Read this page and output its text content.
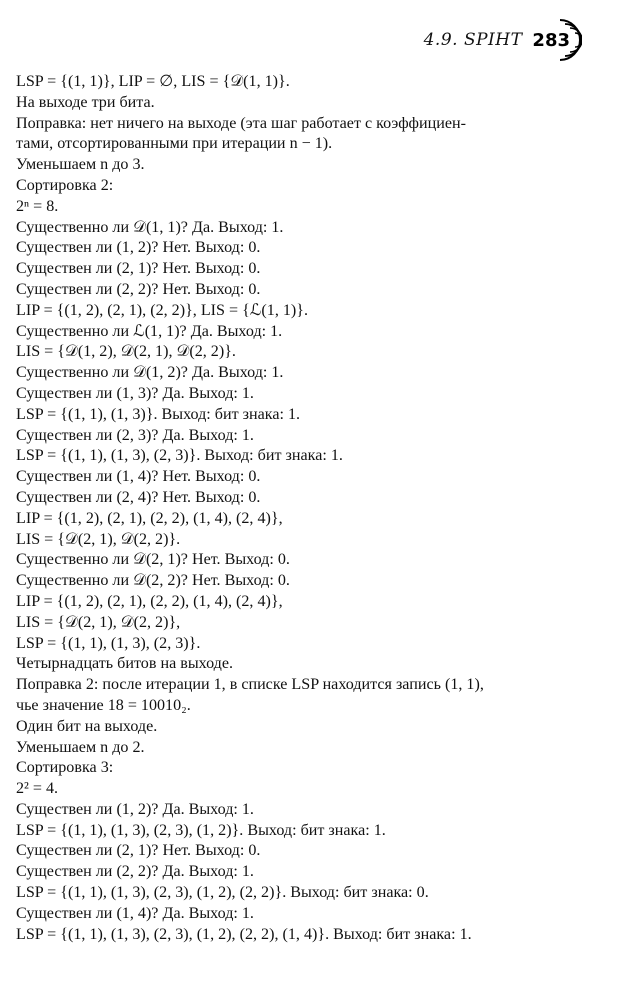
4.9. SPIHT 283
LSP = {(1, 1)}, LIP = ∅, LIS = {𝒟(1, 1)}.
На выходе три бита.
Поправка: нет ничего на выходе (эта шаг работает с коэффициен-
тами, отсортированными при итерации n − 1).
Уменьшаем n до 3.
Сортировка 2:
2ⁿ = 8.
Существенно ли 𝒟(1, 1)? Да. Выход: 1.
Существен ли (1, 2)? Нет. Выход: 0.
Существен ли (2, 1)? Нет. Выход: 0.
Существен ли (2, 2)? Нет. Выход: 0.
LIP = {(1, 2), (2, 1), (2, 2)}, LIS = {ℒ(1, 1)}.
Существенно ли ℒ(1, 1)? Да. Выход: 1.
LIS = {𝒟(1, 2), 𝒟(2, 1), 𝒟(2, 2)}.
Существенно ли 𝒟(1, 2)? Да. Выход: 1.
Существен ли (1, 3)? Да. Выход: 1.
LSP = {(1, 1), (1, 3)}. Выход: бит знака: 1.
Существен ли (2, 3)? Да. Выход: 1.
LSP = {(1, 1), (1, 3), (2, 3)}. Выход: бит знака: 1.
Существен ли (1, 4)? Нет. Выход: 0.
Существен ли (2, 4)? Нет. Выход: 0.
LIP = {(1, 2), (2, 1), (2, 2), (1, 4), (2, 4)},
LIS = {𝒟(2, 1), 𝒟(2, 2)}.
Существенно ли 𝒟(2, 1)? Нет. Выход: 0.
Существенно ли 𝒟(2, 2)? Нет. Выход: 0.
LIP = {(1, 2), (2, 1), (2, 2), (1, 4), (2, 4)},
LIS = {𝒟(2, 1), 𝒟(2, 2)},
LSP = {(1, 1), (1, 3), (2, 3)}.
Четырнадцать битов на выходе.
Поправка 2: после итерации 1, в списке LSP находится запись (1, 1),
чье значение 18 = 10010₂.
Один бит на выходе.
Уменьшаем n до 2.
Сортировка 3:
2² = 4.
Существен ли (1, 2)? Да. Выход: 1.
LSP = {(1, 1), (1, 3), (2, 3), (1, 2)}. Выход: бит знака: 1.
Существен ли (2, 1)? Нет. Выход: 0.
Существен ли (2, 2)? Да. Выход: 1.
LSP = {(1, 1), (1, 3), (2, 3), (1, 2), (2, 2)}. Выход: бит знака: 0.
Существен ли (1, 4)? Да. Выход: 1.
LSP = {(1, 1), (1, 3), (2, 3), (1, 2), (2, 2), (1, 4)}. Выход: бит знака: 1.
